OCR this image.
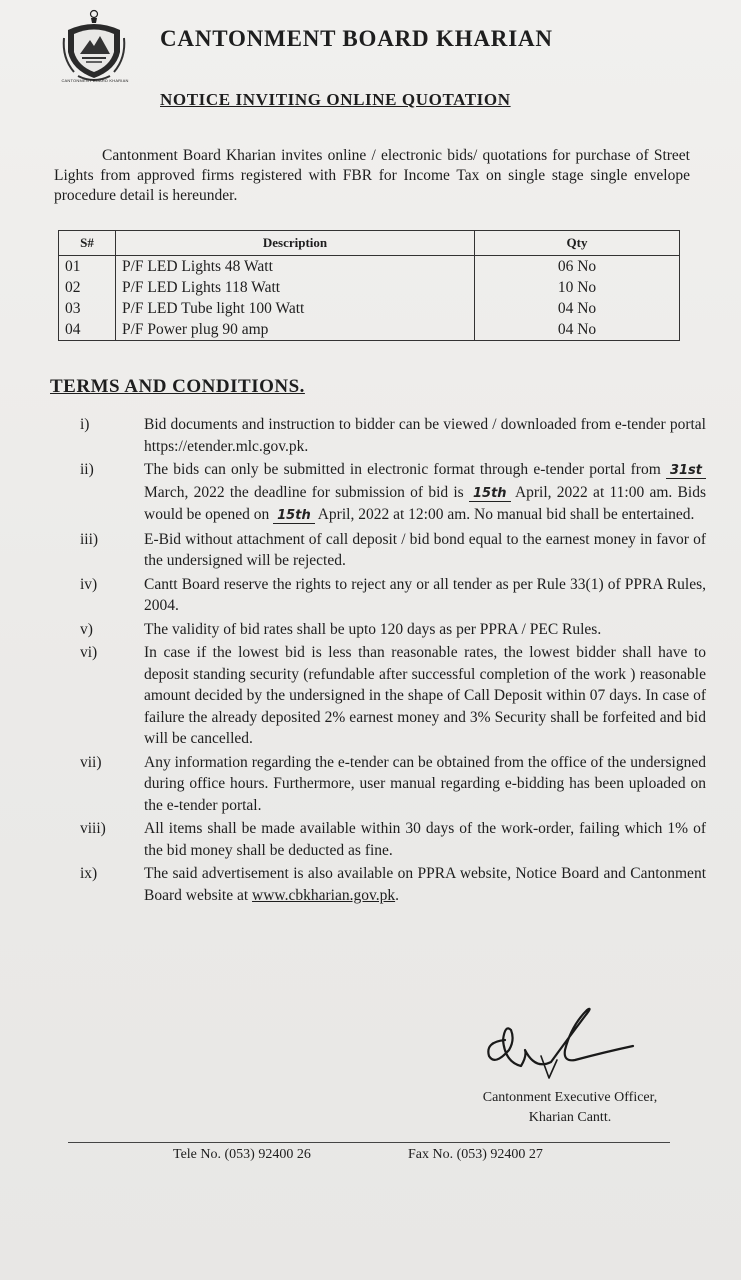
CANTONMENT BOARD KHARIAN
CANTONMENT BOARD KHARIAN
NOTICE INVITING ONLINE QUOTATION
Cantonment Board Kharian invites online / electronic bids/ quotations for purchase of Street Lights from approved firms registered with FBR for Income Tax on single stage single envelope procedure detail is hereunder.
S#	Description	Qty
01	P/F LED Lights 48 Watt	06 No
02	P/F LED Lights 118 Watt	10 No
03	P/F LED Tube light 100 Watt	04 No
04	P/F Power plug 90 amp	04 No
TERMS AND CONDITIONS.
i)	Bid documents and instruction to bidder can be viewed / downloaded from e-tender portal https://etender.mlc.gov.pk.
ii)	The bids can only be submitted in electronic format through e-tender portal from 31st March, 2022 the deadline for submission of bid is 15th April, 2022 at 11:00 am. Bids would be opened on 15th April, 2022 at 12:00 am. No manual bid shall be entertained.
iii)	E-Bid without attachment of call deposit / bid bond equal to the earnest money in favor of the undersigned will be rejected.
iv)	Cantt Board reserve the rights to reject any or all tender as per Rule 33(1) of PPRA Rules, 2004.
v)	The validity of bid rates shall be upto 120 days as per PPRA / PEC Rules.
vi)	In case if the lowest bid is less than reasonable rates, the lowest bidder shall have to deposit standing security (refundable after successful completion of the work ) reasonable amount decided by the undersigned in the shape of Call Deposit within 07 days. In case of failure the already deposited 2% earnest money and 3% Security shall be forfeited and bid will be cancelled.
vii)	Any information regarding the e-tender can be obtained from the office of the undersigned during office hours. Furthermore, user manual regarding e-bidding has been uploaded on the e-tender portal.
viii)	All items shall be made available within 30 days of the work-order, failing which 1% of the bid money shall be deducted as fine.
ix)	The said advertisement is also available on PPRA website, Notice Board and Cantonment Board website at www.cbkharian.gov.pk.
Cantonment Executive Officer,
Kharian Cantt.
Tele No. (053) 92400 26	Fax No. (053) 92400 27
